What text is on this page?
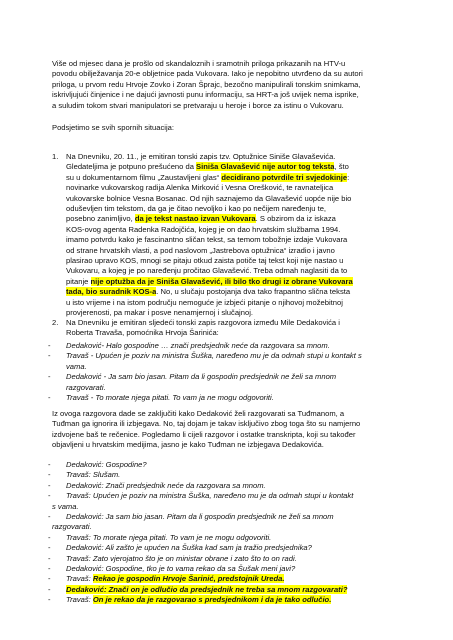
Više od mjesec dana je prošlo od skandaloznih i sramotnih priloga prikazanih na HTV-u
povodu obilježavanja 20-e obljetnice pada Vukovara. Iako je nepobitno utvrđeno da su autori
priloga, u prvom redu Hrvoje Zovko i Zoran Šprajc, bezočno manipulirali tonskim snimkama,
iskrivljujući činjenice i ne dajući javnosti punu informaciju, sa HRT-a još uvijek nema isprike,
a suludim tokom stvari manipulatori se pretvaraju u heroje i borce za istinu o Vukovaru.
Podsjetimo se svih spornih situacija:
1. Na Dnevniku, 20. 11., je emitiran tonski zapis tzv. Optužnice Siniše Glavaševića.
Gledateljima je potpuno prešućeno da Siniša Glavašević nije autor tog teksta, što
su u dokumentarnom filmu „Zaustavljeni glas“ decidirano potvrdile tri svjedokinje:
novinarke vukovarskog radija Alenka Mirković i Vesna Orešković, te ravnateljica
vukovarske bolnice Vesna Bosanac. Od njih saznajemo da Glavašević uopće nije bio
oduševljen tim tekstom, da ga je čitao nevoljko i kao po nečijem naređenju te,
posebno zanimljivo, da je tekst nastao izvan Vukovara. S obzirom da iz iskaza
KOS-ovog agenta Radenka Radojčića, kojeg je on dao hrvatskim službama 1994.
imamo potvrdu kako je fascinantno sličan tekst, sa temom tobožnje izdaje Vukovara
od strane hrvatskih vlasti, a pod naslovom „Jastrebova optužnica“ izradio i javno
plasirao upravo KOS, mnogi se pitaju otkud zaista potiče taj tekst koji nije nastao u
Vukovaru, a kojeg je po naređenju pročitao Glavašević. Treba odmah naglasiti da to
pitanje nije optužba da je Siniša Glavašević, ili bilo tko drugi iz obrane Vukovara
tada, bio suradnik KOS-a. No, u slučaju postojanja dva tako frapantno slična teksta
u isto vrijeme i na istom području nemoguće je izbjeći pitanje o njihovoj možebitnoj
provjerenosti, pa makar i posve nenamjernoj i slučajnoj.
2. Na Dnevniku je emitiran sljedeći tonski zapis razgovora između Mile Dedakovića i
Roberta Travaša, pomoćnika Hrvoja Šarinića:
-	Dedaković- Halo gospodine … znači predsjednik neće da razgovara sa mnom.
-	Travaš - Upućen je poziv na ministra Šuška, naređeno mu je da odmah stupi u kontakt s
vama.
-	Dedaković - Ja sam bio jasan. Pitam da li gospodin predsjednik ne želi sa mnom
razgovarati.
-	Travaš - To morate njega pitati. To vam ja ne mogu odgovoriti.
Iz ovoga razgovora dade se zaključiti kako Dedaković želi razgovarati sa Tuđmanom, a
Tuđman ga ignorira ili izbjegava. No, taj dojam je takav isključivo zbog toga što su namjerno
izdvojene baš te rečenice. Pogledamo li cijeli razgovor i ostatke transkripta, koji su također
objavljeni u hrvatskim medijima, jasno je kako Tuđman ne izbjegava Dedakovića.
-	Dedaković: Gospodine?
-	Travaš: Slušam.
-	Dedaković: Znači predsjednik neće da razgovara sa mnom.
-	Travaš: Upućen je poziv na ministra Šuška, naređeno mu je da odmah stupi u kontakt
s vama.
-	Dedaković: Ja sam bio jasan. Pitam da li gospodin predsjednik ne želi sa mnom
razgovarati.
-	Travaš: To morate njega pitati. To vam je ne mogu odgovoriti.
-	Dedaković: Ali zašto je upućen na Šuška kad sam ja tražio predsjednika?
-	Travaš: Zato vjerojatno što je on ministar obrane i zato što to on radi.
-	Dedaković: Gospodine, tko je to vama rekao da sa Šušak meni javi?
-	Travaš: Rekao je gospodin Hrvoje Šarinić, predstojnik Ureda.
-	Dedaković: Znači on je odlučio da predsjednik ne treba sa mnom razgovarati?
-	Travaš: On je rekao da je razgovarao s predsjednikom i da je tako odlučio.
